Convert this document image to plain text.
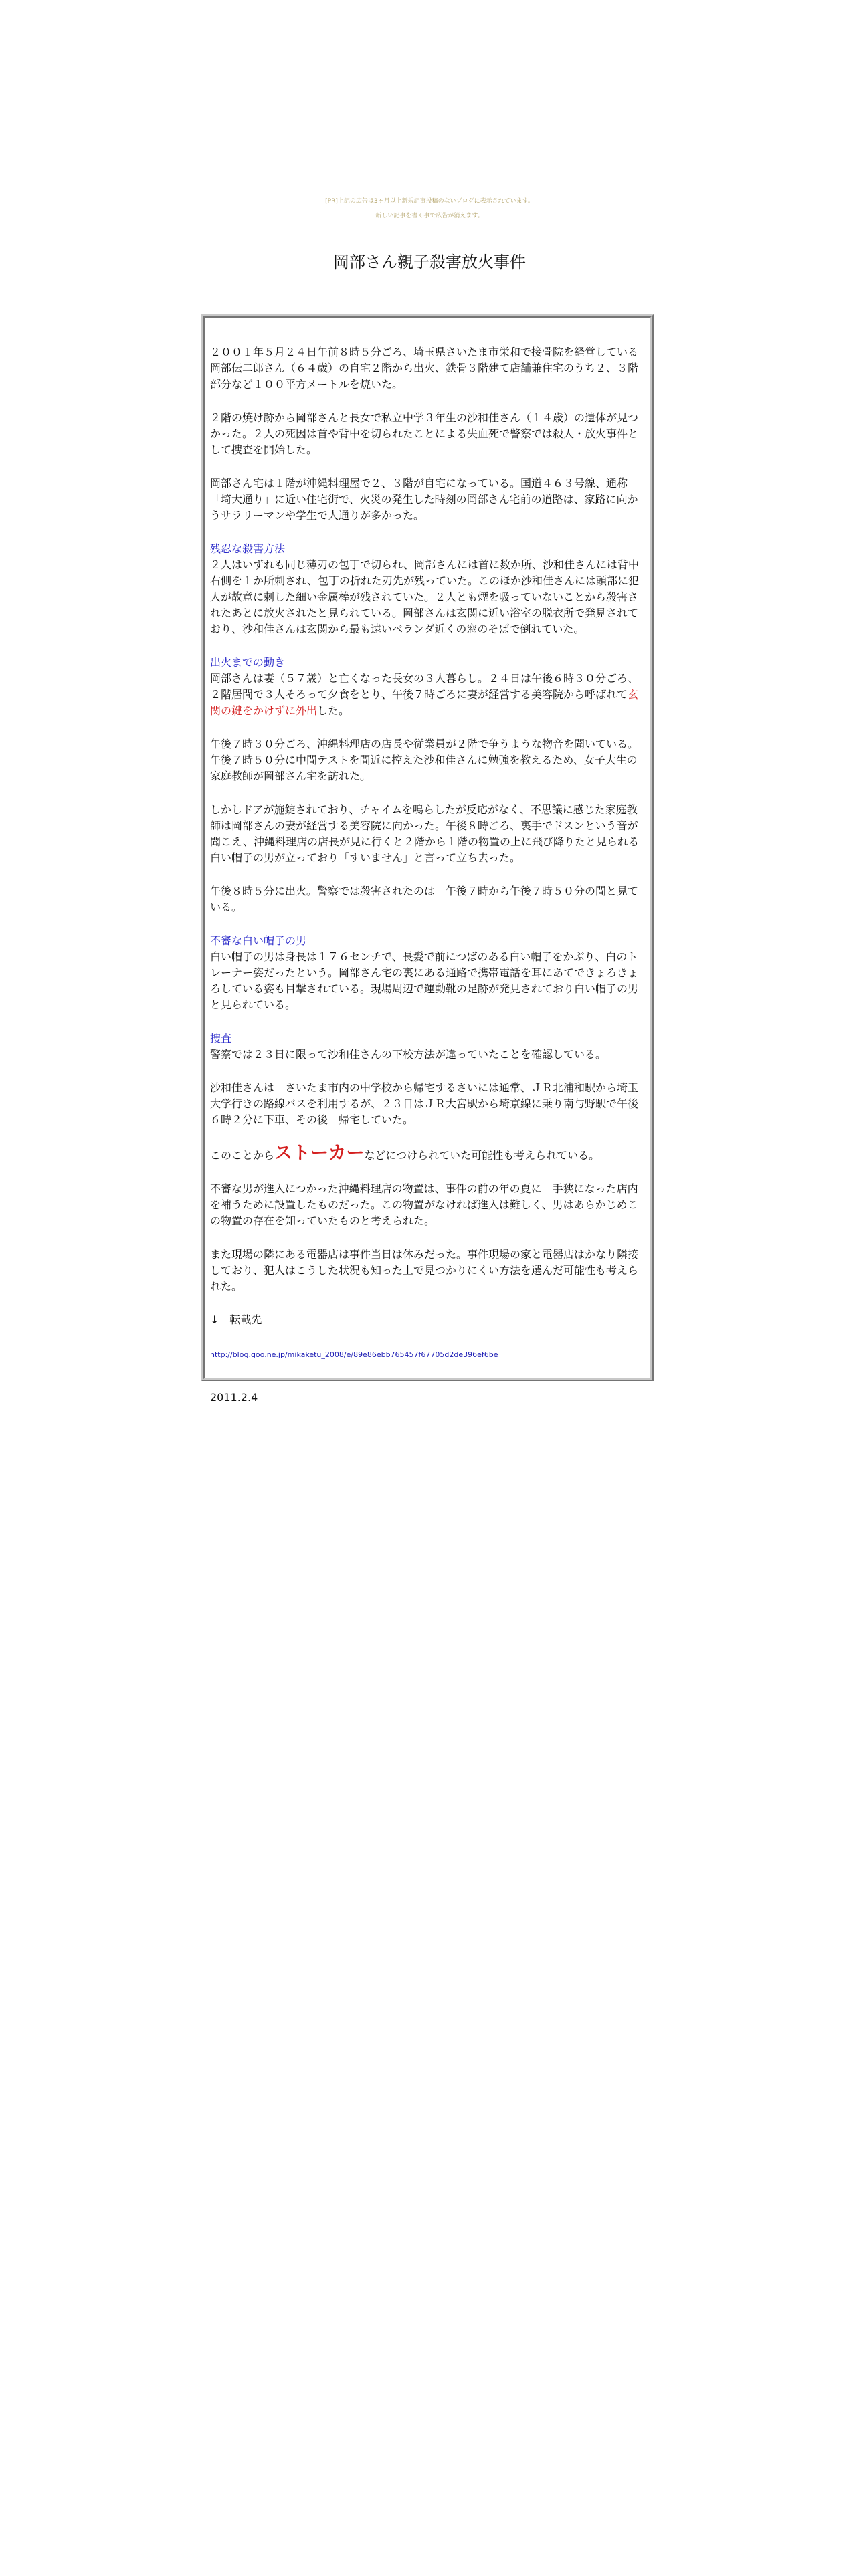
[PR]上記の広告は3ヶ月以上新規記事投稿のないブログに表示されています。
新しい記事を書く事で広告が消えます。
岡部さん親子殺害放火事件

２００１年５月２４日午前８時５分ごろ、埼玉県さいたま市栄和で接骨院を経営している岡部伝二郎さん（６４歳）の自宅２階から出火、鉄骨３階建て店舗兼住宅のうち２、３階部分など１００平方メートルを焼いた。

２階の焼け跡から岡部さんと長女で私立中学３年生の沙和佳さん（１４歳）の遺体が見つかった。２人の死因は首や背中を切られたことによる失血死で警察では殺人・放火事件として捜査を開始した。

岡部さん宅は１階が沖縄料理屋で２、３階が自宅になっている。国道４６３号線、通称「埼大通り」に近い住宅街で、火災の発生した時刻の岡部さん宅前の道路は、家路に向かうサラリーマンや学生で人通りが多かった。

残忍な殺害方法
２人はいずれも同じ薄刃の包丁で切られ、岡部さんには首に数か所、沙和佳さんには背中右側を１か所刺され、包丁の折れた刃先が残っていた。このほか沙和佳さんには頭部に犯人が故意に刺した細い金属棒が残されていた。２人とも煙を吸っていないことから殺害されたあとに放火されたと見られている。岡部さんは玄関に近い浴室の脱衣所で発見されており、沙和佳さんは玄関から最も遠いベランダ近くの窓のそばで倒れていた。

出火までの動き
岡部さんは妻（５７歳）と亡くなった長女の３人暮らし。２４日は午後６時３０分ごろ、２階居間で３人そろって夕食をとり、午後７時ごろに妻が経営する美容院から呼ばれて玄関の鍵をかけずに外出した。

午後７時３０分ごろ、沖縄料理店の店長や従業員が２階で争うような物音を聞いている。午後７時５０分に中間テストを間近に控えた沙和佳さんに勉強を教えるため、女子大生の家庭教師が岡部さん宅を訪れた。

しかしドアが施錠されており、チャイムを鳴らしたが反応がなく、不思議に感じた家庭教師は岡部さんの妻が経営する美容院に向かった。午後８時ごろ、裏手でドスンという音が聞こえ、沖縄料理店の店長が見に行くと２階から１階の物置の上に飛び降りたと見られる白い帽子の男が立っており「すいません」と言って立ち去った。

午後８時５分に出火。警察では殺害されたのは　午後７時から午後７時５０分の間と見ている。

不審な白い帽子の男
白い帽子の男は身長は１７６センチで、長髪で前につばのある白い帽子をかぶり、白のトレーナー姿だったという。岡部さん宅の裏にある通路で携帯電話を耳にあてできょろきょろしている姿も目撃されている。現場周辺で運動靴の足跡が発見されており白い帽子の男と見られている。

捜査
警察では２３日に限って沙和佳さんの下校方法が違っていたことを確認している。

沙和佳さんは　さいたま市内の中学校から帰宅するさいには通常、ＪＲ北浦和駅から埼玉大学行きの路線バスを利用するが、２３日はＪＲ大宮駅から埼京線に乗り南与野駅で午後６時２分に下車、その後　帰宅していた。

このことからストーカーなどにつけられていた可能性も考えられている。

不審な男が進入につかった沖縄料理店の物置は、事件の前の年の夏に　手狭になった店内を補うために設置したものだった。この物置がなければ進入は難しく、男はあらかじめこの物置の存在を知っていたものと考えられた。

また現場の隣にある電器店は事件当日は休みだった。事件現場の家と電器店はかなり隣接しており、犯人はこうした状況も知った上で見つかりにくい方法を選んだ可能性も考えられた。

↓　転載先

http://blog.goo.ne.jp/mikaketu_2008/e/89e86ebb765457f67705d2de396ef6be

2011.2.4
